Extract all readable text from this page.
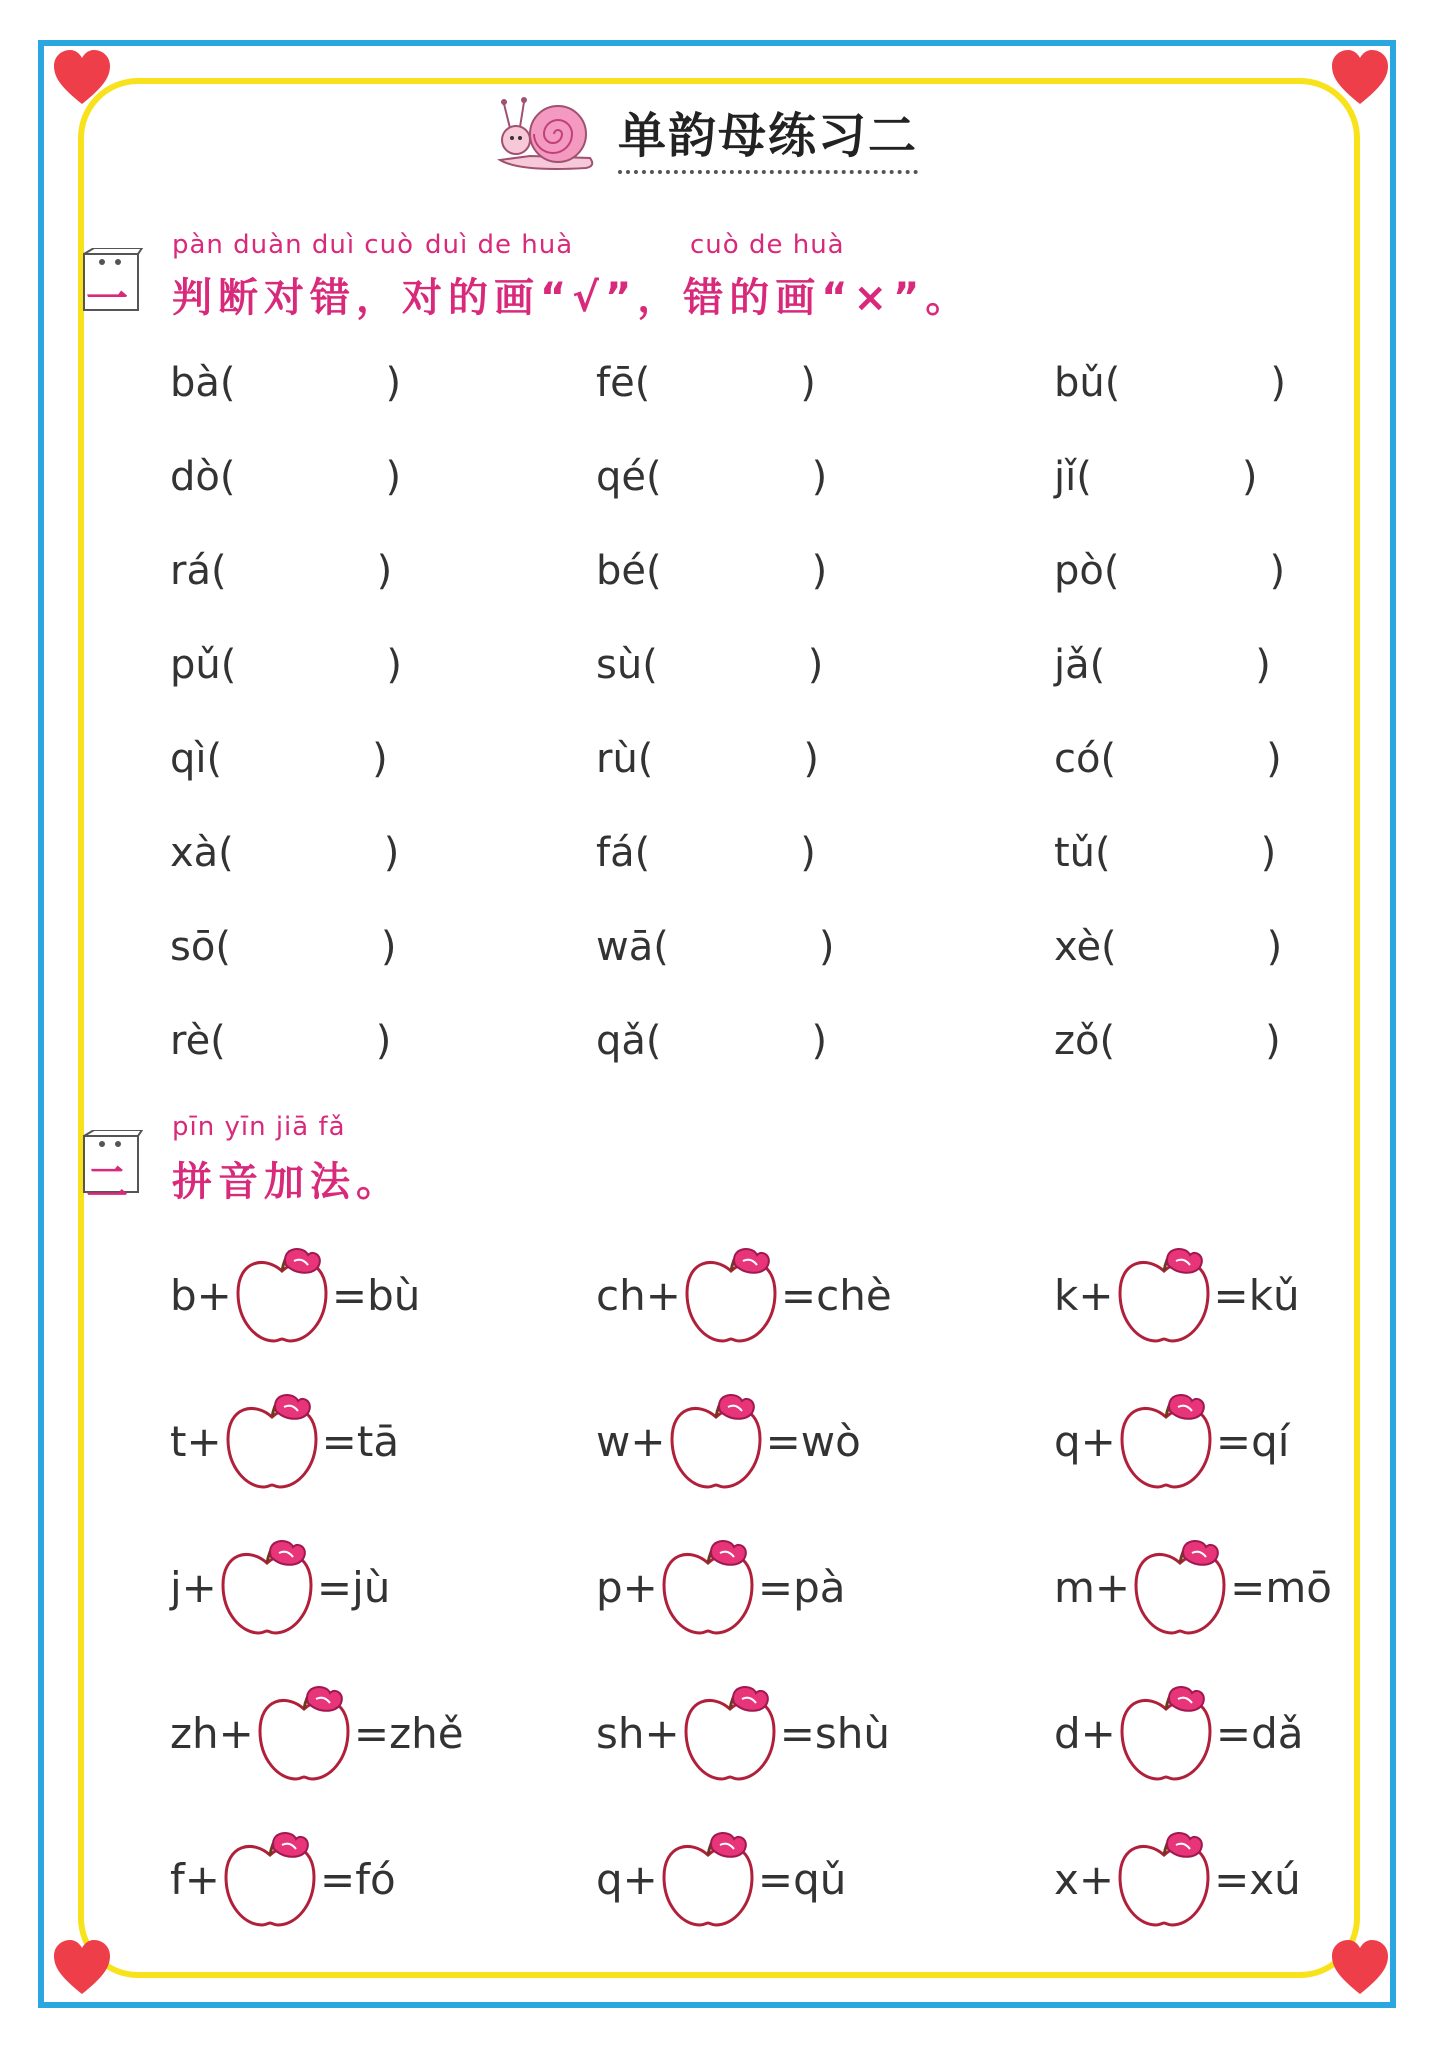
单韵母练习二
一
pàn duàn duì cuò duì de huà	cuò de huà
判断对错，对的画“√”，错的画“×”。
bà(	)	fē(	)	bǔ(	)
dò(	)	qé(	)	jǐ(	)
rá(	)	bé(	)	pò(	)
pǔ(	)	sù(	)	jǎ(	)
qì(	)	rù(	)	có(	)
xà(	)	fá(	)	tǔ(	)
sō(	)	wā(	)	xè(	)
rè(	)	qǎ(	)	zǒ(	)
二
pīn yīn jiā fǎ
拼音加法。
b + = bù	ch + = chè	k + = kǔ
t + = tā	w + = wò	q + = qí
j + = jù	p + = pà	m + = mō
zh + = zhě	sh + = shù	d + = dǎ
f + = fó	q + = qǔ	x + = xú
